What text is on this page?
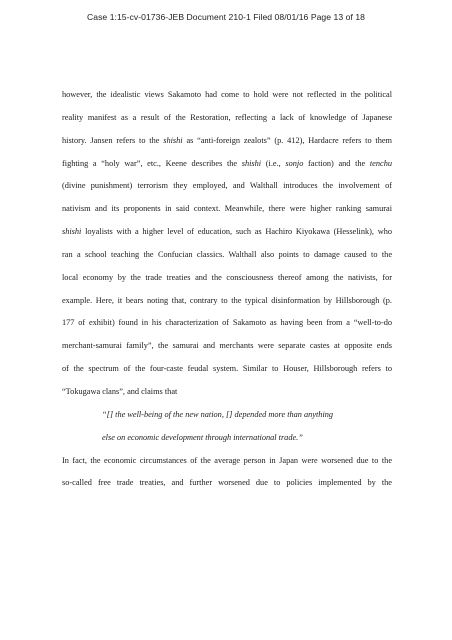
Case 1:15-cv-01736-JEB Document 210-1 Filed 08/01/16 Page 13 of 18
however, the idealistic views Sakamoto had come to hold were not reflected in the political
reality manifest as a result of the Restoration, reflecting a lack of knowledge of Japanese
history. Jansen refers to the shishi as “anti-foreign zealots” (p. 412), Hardacre refers to them
fighting a “holy war”, etc., Keene describes the shishi (i.e., sonjo faction) and the tenchu
(divine punishment) terrorism they employed, and Walthall introduces the involvement of
nativism and its proponents in said context. Meanwhile, there were higher ranking samurai
shishi loyalists with a higher level of education, such as Hachiro Kiyokawa (Hesselink), who
ran a school teaching the Confucian classics. Walthall also points to damage caused to the
local economy by the trade treaties and the consciousness thereof among the nativists, for
example. Here, it bears noting that, contrary to the typical disinformation by Hillsborough (p.
177 of exhibit) found in his characterization of Sakamoto as having been from a “well-to-do
merchant-samurai family”, the samurai and merchants were separate castes at opposite ends
of the spectrum of the four-caste feudal system. Similar to Houser, Hillsborough refers to
“Tokugawa clans”, and claims that
“[] the well-being of the new nation, [] depended more than anything
else on economic development through international trade.”
In fact, the economic circumstances of the average person in Japan were worsened due to the
so-called free trade treaties, and further worsened due to policies implemented by the
